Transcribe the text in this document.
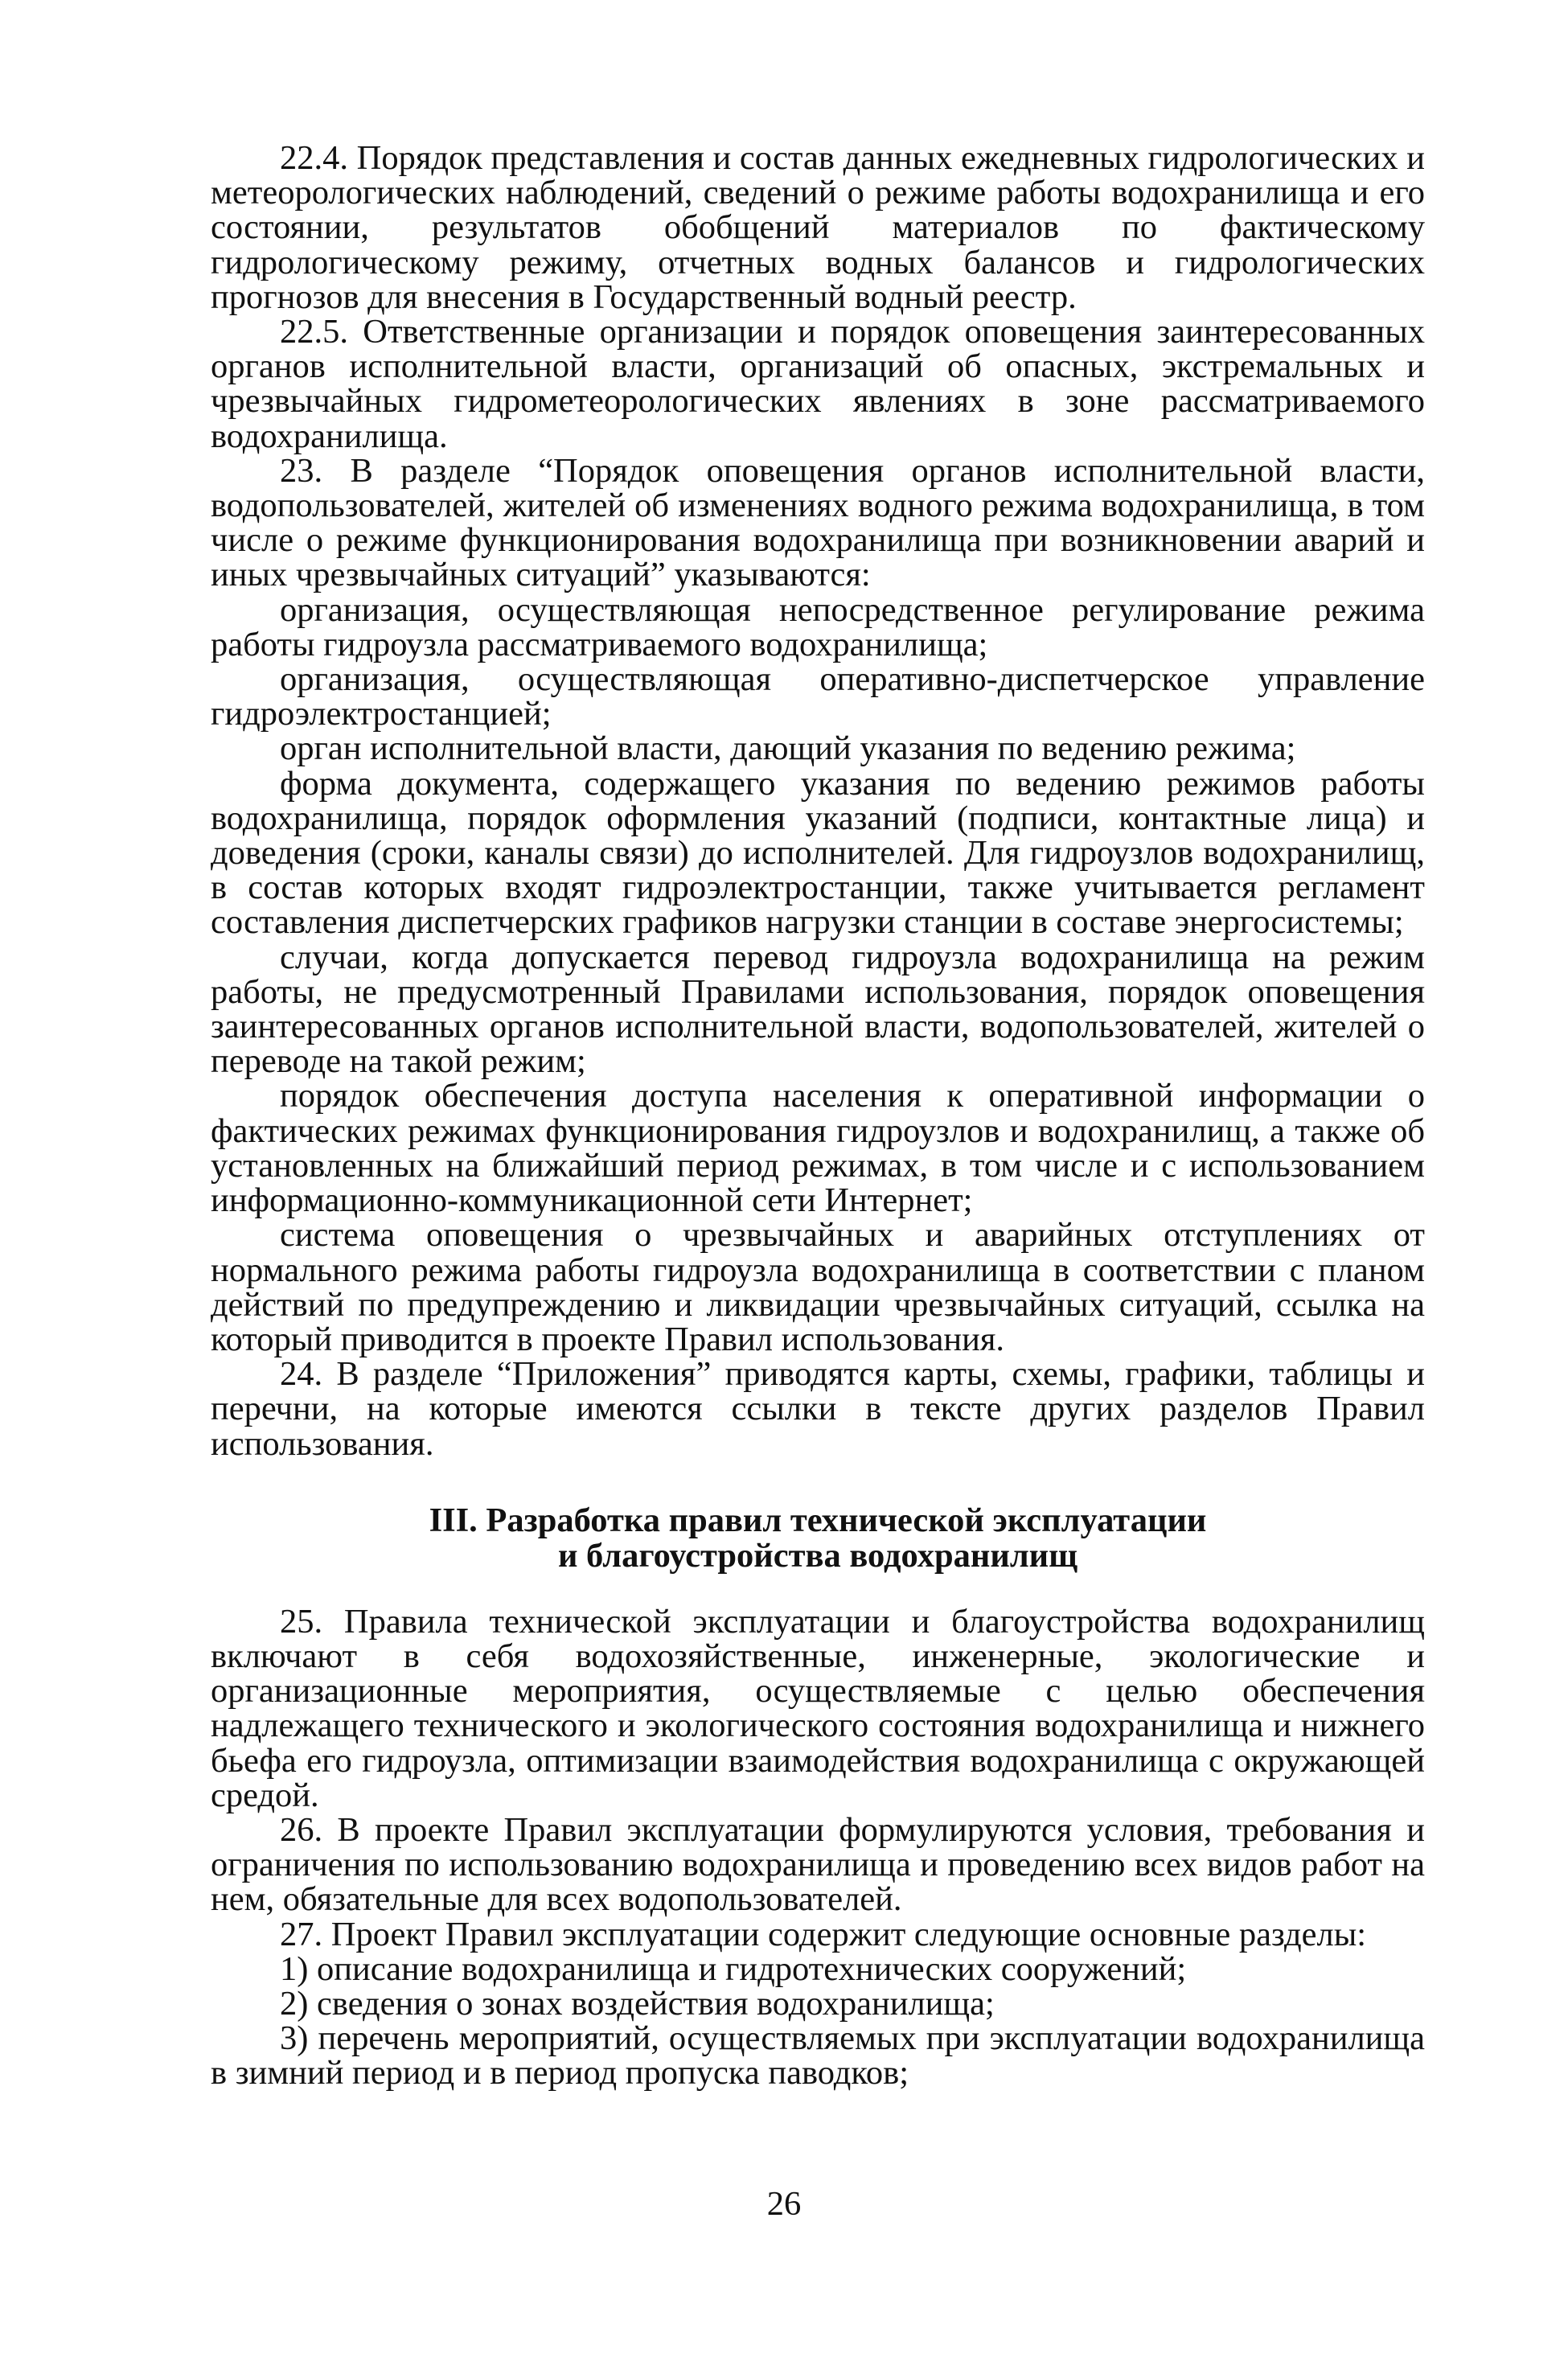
22.4. Порядок представления и состав данных ежедневных гидрологических и метеорологических наблюдений, сведений о режиме работы водохранилища и его состоянии, результатов обобщений материалов по фактическому гидрологическому режиму, отчетных водных балансов и гидрологических прогнозов для внесения в Государственный водный реестр.

22.5. Ответственные организации и порядок оповещения заинтересованных органов исполнительной власти, организаций об опасных, экстремальных и чрезвычайных гидрометеорологических явлениях в зоне рассматриваемого водохранилища.

23. В разделе “Порядок оповещения органов исполнительной власти, водопользователей, жителей об изменениях водного режима водохранилища, в том числе о режиме функционирования водохранилища при возникновении аварий и иных чрезвычайных ситуаций” указываются:

организация, осуществляющая непосредственное регулирование режима работы гидроузла рассматриваемого водохранилища;

организация, осуществляющая оперативно-диспетчерское управление гидроэлектростанцией;

орган исполнительной власти, дающий указания по ведению режима;

форма документа, содержащего указания по ведению режимов работы водохранилища, порядок оформления указаний (подписи, контактные лица) и доведения (сроки, каналы связи) до исполнителей. Для гидроузлов водохранилищ, в состав которых входят гидроэлектростанции, также учитывается регламент составления диспетчерских графиков нагрузки станции в составе энергосистемы;

случаи, когда допускается перевод гидроузла водохранилища на режим работы, не предусмотренный Правилами использования, порядок оповещения заинтересованных органов исполнительной власти, водопользователей, жителей о переводе на такой режим;

порядок обеспечения доступа населения к оперативной информации о фактических режимах функционирования гидроузлов и водохранилищ, а также об установленных на ближайший период режимах, в том числе и с использованием информационно-коммуникационной сети Интернет;

система оповещения о чрезвычайных и аварийных отступлениях от нормального режима работы гидроузла водохранилища в соответствии с планом действий по предупреждению и ликвидации чрезвычайных ситуаций, ссылка на который приводится в проекте Правил использования.

24. В разделе “Приложения” приводятся карты, схемы, графики, таблицы и перечни, на которые имеются ссылки в тексте других разделов Правил использования.

III. Разработка правил технической эксплуатации
и благоустройства водохранилищ

25. Правила технической эксплуатации и благоустройства водохранилищ включают в себя водохозяйственные, инженерные, экологические и организационные мероприятия, осуществляемые с целью обеспечения надлежащего технического и экологического состояния водохранилища и нижнего бьефа его гидроузла, оптимизации взаимодействия водохранилища с окружающей средой.

26. В проекте Правил эксплуатации формулируются условия, требования и ограничения по использованию водохранилища и проведению всех видов работ на нем, обязательные для всех водопользователей.

27. Проект Правил эксплуатации содержит следующие основные разделы:

1) описание водохранилища и гидротехнических сооружений;

2) сведения о зонах воздействия водохранилища;

3) перечень мероприятий, осуществляемых при эксплуатации водохранилища в зимний период и в период пропуска паводков;

26
